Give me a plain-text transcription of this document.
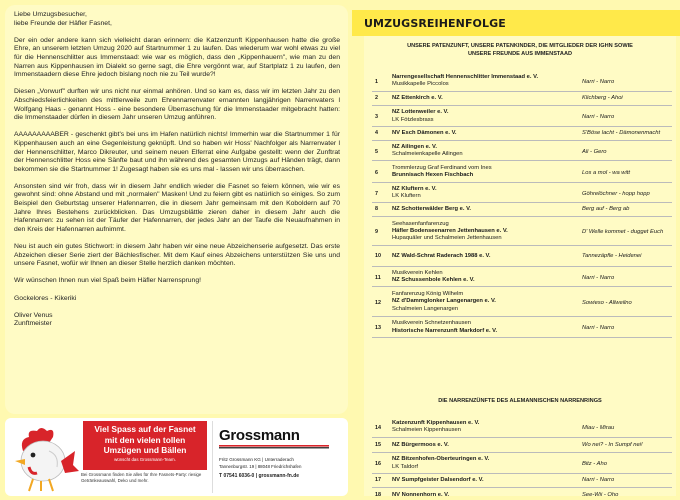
Liebe Umzugsbesucher,

liebe Freunde der Häfler Fasnet,

Der ein oder andere kann sich vielleicht daran erinnern: die Katzenzunft Kippenhausen hatte die große Ehre, an unserem letzten Umzug 2020 auf Startnummer 1 zu laufen. Das wiederum war wohl etwas zu viel für die Hennenschlitter aus Immenstaad: wie war es möglich, dass den „Kippenhauern", wie man zu den Narren aus Kippenhausen im Dialekt so gerne sagt, die Ehre vergönnt war, auf Startplatz 1 zu laufen, den Immenstaadern diese Ehre jedoch bislang noch nie zu Teil wurde?!

Diesen „Vorwurf" durften wir uns nicht nur einmal anhören. Und so kam es, dass wir im letzten Jahr zu den Abschiedsfeierlichkeiten des mittlerweile zum Ehrennarrenvater ernannten langjährigen Narrenvaters l Wolfgang Haas - genannt Hoss - eine besondere Überraschung für die Immenstaader mitgebracht hatten: die Immenstaader dürfen in diesem Jahr unseren Umzug anführen.

AAAAAAAAABER - geschenkt gibt's bei uns im Hafen natürlich nichts! Immerhin war die Startnummer 1 für Kippenhausen auch an eine Gegenleistung geknüpft. Und so haben wir Hoss' Nachfolger als Narrenvater l der Hennenschlitter, Marco Dikreuter, und seinem neuen Elferrat eine Aufgabe gestellt: wenn der Zunftrat der Hennenschlitter Hoss eine Sänfte baut und ihn während des gesamten Umzugs auf Händen trägt, dann bekommen sie die Startnummer 1! Zugesagt haben sie es uns mal - lassen wir uns überraschen.

Ansonsten sind wir froh, dass wir in diesem Jahr endlich wieder die Fasnet so feiern können, wie wir es gewohnt sind: ohne Abstand und mit „normalen" Masken! Und zu feiern gibt es natürlich so einiges. So zum Beispiel den Geburtstag unserer Hafennarren, die in diesem Jahr gemeinsam mit den Koboldern auf 70 Jahre Ihres Bestehens zurückblicken. Das Umzugsblättle zieren daher in diesem Jahr auch die Hafennarren: zu sehen ist der Täufer der Hafennarren, der jedes Jahr an der Taufe die Neuaufnahmen in den Kreis der Hafennarren aufnimmt.

Neu ist auch ein gutes Stichwort: in diesem Jahr haben wir eine neue Abzeichenserie aufgesetzt. Das erste Abzeichen dieser Serie ziert der Bächlesfischer. Mit dem Kauf eines Abzeichens unterstützen Sie uns und unsere Fasnet, wofür wir Ihnen an dieser Stelle herzlich danken möchten.

Wir wünschen Ihnen nun viel Spaß beim Häfler Narrensprung!

Gockelores - Kikeriki

Oliver Venus

Zunftmeister

Viel Spass auf der Fasnet
mit den vielen tollen
Umzügen und Bällen
wünscht das Grossmann-Team.
Bei Grossmann finden Sie alles für Ihre Fasnets-Party: riesige Getränkeauswahl, Deko und mehr.
Grossmann
Fritz Grossmann KG | Unterraderach
Tannenburgstr. 19 | 88048 Friedrichshafen
T 07541 6036-0 | grossmann-fn.de
UMZUGSREIHENFOLGE
UNSERE PATENZUNFT, UNSERE PATENKINDER, DIE MITGLIEDER DER IGHN SOWIE
UNSERE FREUNDE AUS IMMENSTAAD
1
Narrengesellschaft Hennenschlitter Immenstaad e. V.
Musikkapelle Piccolos	Narri - Narro
2 NZ Ettenkirch e. V.	Klichberg - Ahoi
3
NZ Lottenweiler e. V.
LK Fötzlesbrass	Narri - Narro
4 NV Esch Dämonen e. V.	S'Böse lacht - Dämonenmacht
5
NZ Ailingen e. V.
Schalmeienkapelle Ailingen	Ali - Gero
6
Trommlerzug Graf Ferdinand vom Ines
Brunnisach Hexen Fischbach	Los a mol - wa witt
7
NZ Kluftern e. V.
LK Kluftern	Göhrelöchner - hopp hopp
8 NZ Schotterwälder Berg e. V.	Berg auf - Berg ab
9
Seehasenfanfarenzug
Häfler Bodenseenarren Jettenhausen e. V.
Hupaquäler und Schalmeien Jettenhausen
D' Welle kommet - dugget Euch
10 NZ Wald-Schrat Raderach 1988 e. V.	Tannezäpfle - Heidenei
11
Musikverein Kehlen
NZ Schussenbole Kehlen e. V.	Narri - Narro
12
Fanfarenzug König Wilhelm
NZ d'Dammglonker Langenargen e. V.
Schalmeien Langenargen
Sowieso - Allweilno
13
Musikverein Schnetzenhausen
Historische Narrenzunft Markdorf e. V.	Narri - Narro
DIE NARRENZÜNFTE DES ALEMANNISCHEN NARRENRINGS
14
Katzenzunft Kippenhausen e. V.
Schalmeien Kippenhausen	Miau - Mirau
15 NZ Bürgermoos e. V.	Wo nei? - In Sumpf nei!
16
NZ Bitzenhofen-Oberteuringen e. V.
LK Taldorf	Bitz - Aho
17 NV Sumpfgeister Dalsendorf e. V.	Narri - Narro
18 NV Nonnenhorn e. V.	See-Wii - Oho
